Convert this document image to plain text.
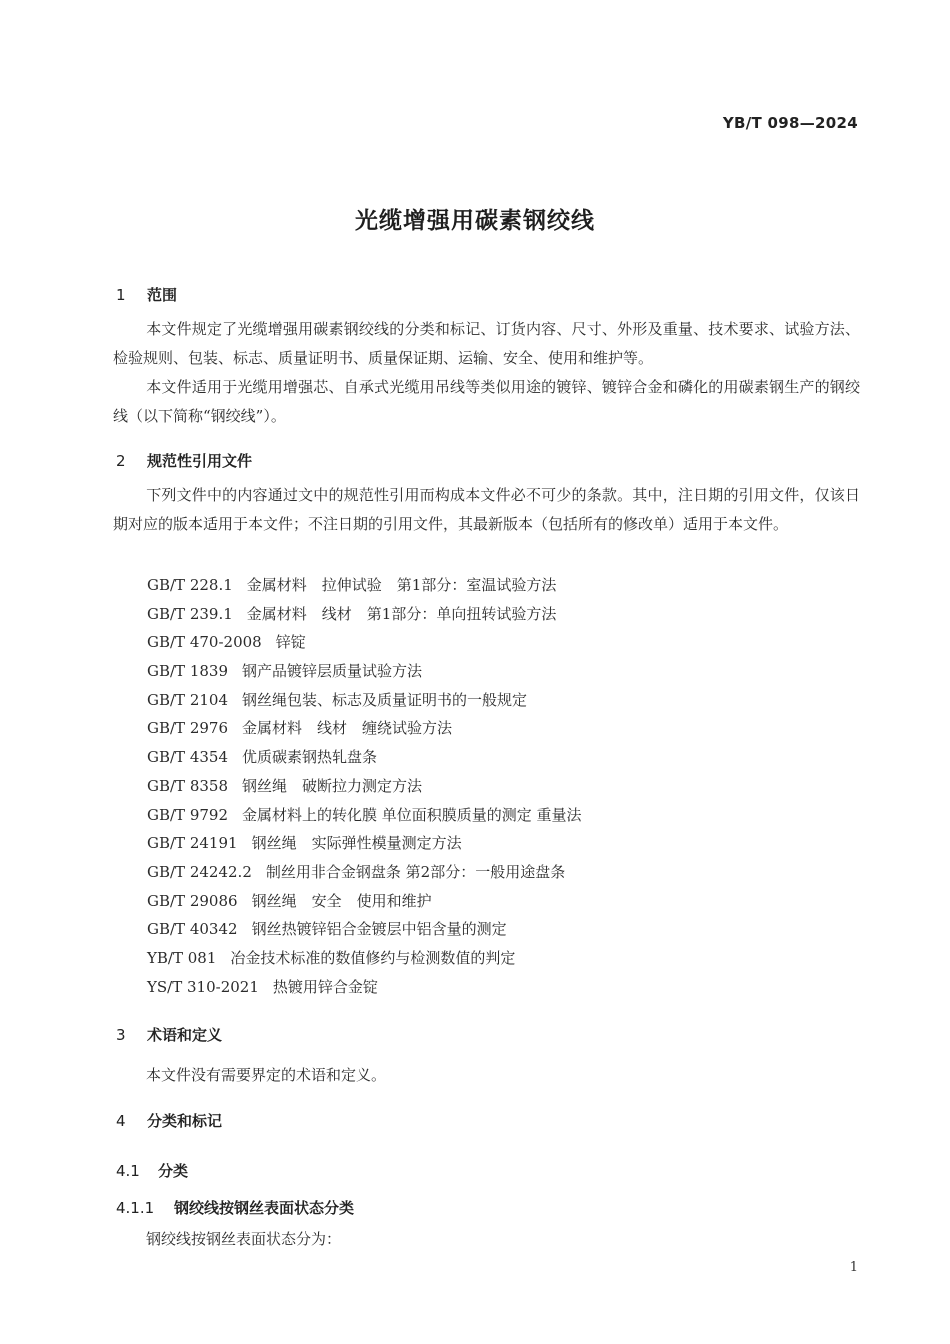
YB/T 098—2024
光缆增强用碳素钢绞线
1 范围
本文件规定了光缆增强用碳素钢绞线的分类和标记、订货内容、尺寸、外形及重量、技术要求、试验方法、检验规则、包装、标志、质量证明书、质量保证期、运输、安全、使用和维护等。
本文件适用于光缆用增强芯、自承式光缆用吊线等类似用途的镀锌、镀锌合金和磷化的用碳素钢生产的钢绞线（以下简称“钢绞线”）。
2 规范性引用文件
下列文件中的内容通过文中的规范性引用而构成本文件必不可少的条款。其中，注日期的引用文件，仅该日期对应的版本适用于本文件；不注日期的引用文件，其最新版本（包括所有的修改单）适用于本文件。
GB/T 228.1 金属材料　拉伸试验　第1部分：室温试验方法
GB/T 239.1 金属材料　线材　第1部分：单向扭转试验方法
GB/T 470-2008 锌锭
GB/T 1839 钢产品镀锌层质量试验方法
GB/T 2104 钢丝绳包装、标志及质量证明书的一般规定
GB/T 2976 金属材料　线材　缠绕试验方法
GB/T 4354 优质碳素钢热轧盘条
GB/T 8358 钢丝绳　破断拉力测定方法
GB/T 9792 金属材料上的转化膜 单位面积膜质量的测定 重量法
GB/T 24191 钢丝绳　实际弹性模量测定方法
GB/T 24242.2 制丝用非合金钢盘条 第2部分：一般用途盘条
GB/T 29086 钢丝绳　安全　使用和维护
GB/T 40342 钢丝热镀锌铝合金镀层中铝含量的测定
YB/T 081 冶金技术标准的数值修约与检测数值的判定
YS/T 310-2021 热镀用锌合金锭
3 术语和定义
本文件没有需要界定的术语和定义。
4 分类和标记
4.1 分类
4.1.1 钢绞线按钢丝表面状态分类
钢绞线按钢丝表面状态分为：
1
